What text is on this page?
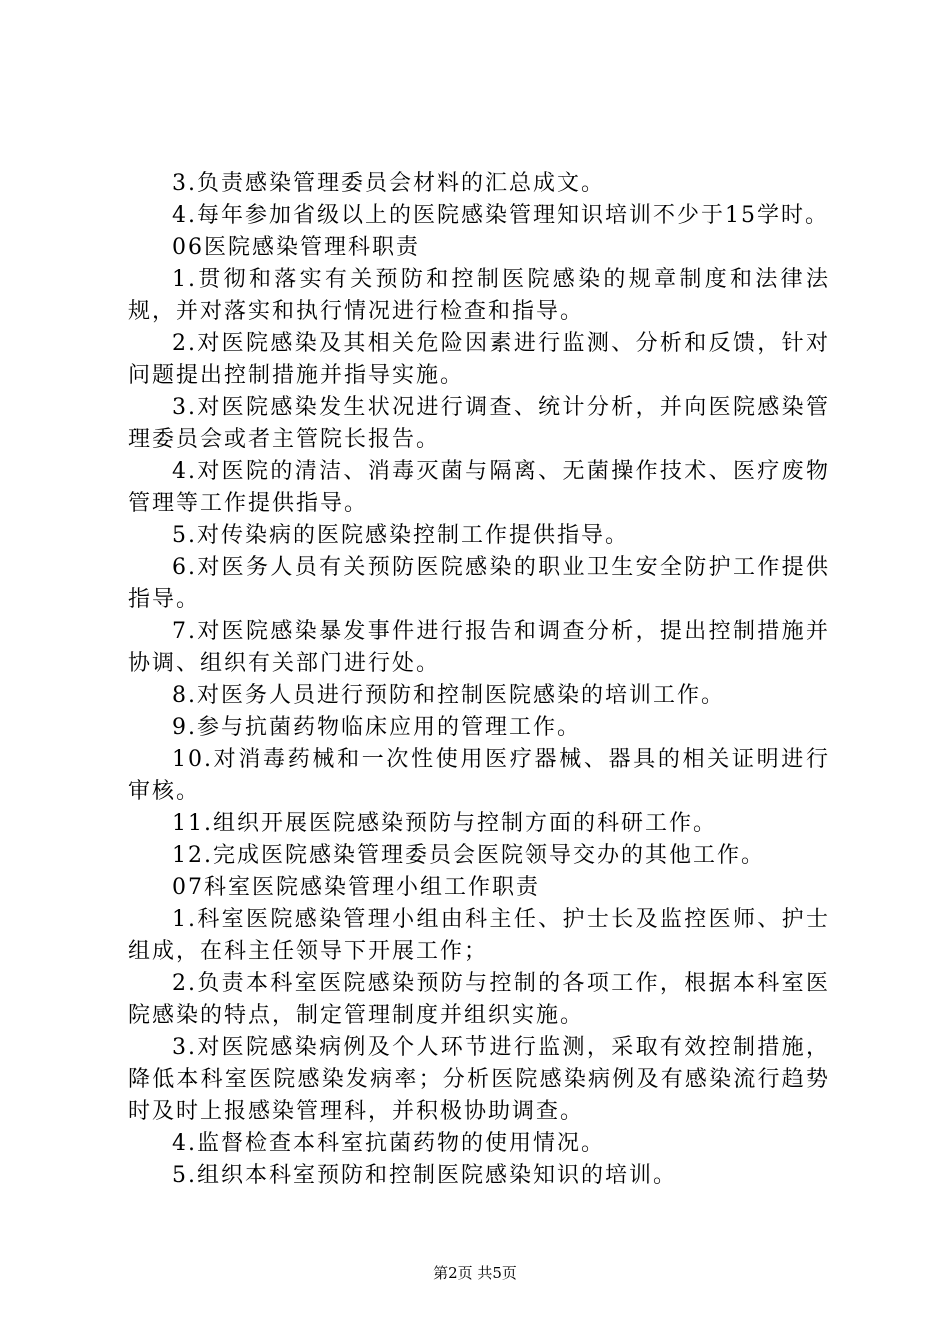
3.负责感染管理委员会材料的汇总成文。

4.每年参加省级以上的医院感染管理知识培训不少于15学时。

06医院感染管理科职责

1.贯彻和落实有关预防和控制医院感染的规章制度和法律法规，并对落实和执行情况进行检查和指导。

2.对医院感染及其相关危险因素进行监测、分析和反馈，针对问题提出控制措施并指导实施。

3.对医院感染发生状况进行调查、统计分析，并向医院感染管理委员会或者主管院长报告。

4.对医院的清洁、消毒灭菌与隔离、无菌操作技术、医疗废物管理等工作提供指导。

5.对传染病的医院感染控制工作提供指导。

6.对医务人员有关预防医院感染的职业卫生安全防护工作提供指导。

7.对医院感染暴发事件进行报告和调查分析，提出控制措施并协调、组织有关部门进行处。

8.对医务人员进行预防和控制医院感染的培训工作。

9.参与抗菌药物临床应用的管理工作。

10.对消毒药械和一次性使用医疗器械、器具的相关证明进行审核。

11.组织开展医院感染预防与控制方面的科研工作。

12.完成医院感染管理委员会医院领导交办的其他工作。

07科室医院感染管理小组工作职责

1.科室医院感染管理小组由科主任、护士长及监控医师、护士组成，在科主任领导下开展工作；

2.负责本科室医院感染预防与控制的各项工作，根据本科室医院感染的特点，制定管理制度并组织实施。

3.对医院感染病例及个人环节进行监测，采取有效控制措施，降低本科室医院感染发病率；分析医院感染病例及有感染流行趋势时及时上报感染管理科，并积极协助调查。

4.监督检查本科室抗菌药物的使用情况。

5.组织本科室预防和控制医院感染知识的培训。

第2页 共5页
